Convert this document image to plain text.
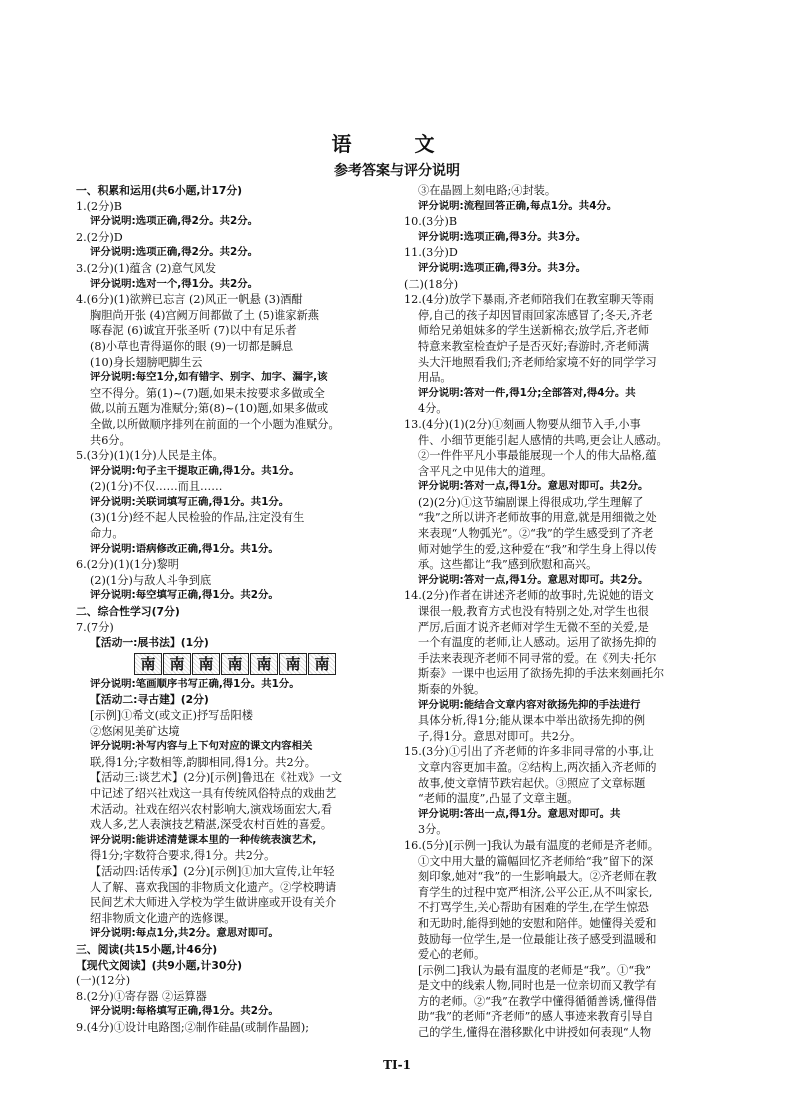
语 文
参考答案与评分说明
一、积累和运用(共6小题,计17分)
1.(2分)B
评分说明:选项正确,得2分。共2分。
2.(2分)D
评分说明:选项正确,得2分。共2分。
3.(2分)(1)蕴含 (2)意气风发
评分说明:选对一个,得1分。共2分。
4.(6分)(1)欲辨已忘言 (2)风正一帆悬 (3)酒酣
胸胆尚开张 (4)宫阙万间都做了土 (5)谁家新燕
啄春泥 (6)诚宜开张圣听 (7)以中有足乐者
(8)小草也青得逼你的眼 (9)一切都是瞬息
(10)身长翅膀吧脚生云
评分说明:每空1分,如有错字、别字、加字、漏字,该
空不得分。第(1)~(7)题,如果未按要求多做或全
做,以前五题为准赋分;第(8)~(10)题,如果多做或
全做,以所做顺序排列在前面的一个小题为准赋分。
共6分。
5.(3分)(1)(1分)人民是主体。
评分说明:句子主干提取正确,得1分。共1分。
(2)(1分)不仅……而且……
评分说明:关联词填写正确,得1分。共1分。
(3)(1分)经不起人民检验的作品,注定没有生
命力。
评分说明:语病修改正确,得1分。共1分。
6.(2分)(1)(1分)黎明
(2)(1分)与敌人斗争到底
评分说明:每空填写正确,得1分。共2分。
二、综合性学习(7分)
7.(7分)
【活动一:展书法】(1分)
南 南 南 南 南 南 南
评分说明:笔画顺序书写正确,得1分。共1分。
【活动二:寻古建】(2分)
[示例]①希文(或文正)抒写岳阳楼
②悠闲见美矿达境
评分说明:补写内容与上下句对应的课文内容相关
联,得1分;字数相等,韵脚相同,得1分。共2分。
【活动三:谈艺术】(2分)[示例]鲁迅在《社戏》一文
中记述了绍兴社戏这一具有传统风俗特点的戏曲艺
术活动。社戏在绍兴农村影响大,演戏场面宏大,看
戏人多,艺人表演技艺精湛,深受农村百姓的喜爱。
评分说明:能讲述清楚课本里的一种传统表演艺术,
得1分;字数符合要求,得1分。共2分。
【活动四:话传承】(2分)[示例]①加大宣传,让年轻
人了解、喜欢我国的非物质文化遗产。②学校聘请
民间艺术大师进入学校为学生做讲座或开设有关介
绍非物质文化遗产的选修课。
评分说明:每点1分,共2分。意思对即可。
三、阅读(共15小题,计46分)
【现代文阅读】(共9小题,计30分)
(一)(12分)
8.(2分)①寄存器 ②运算器
评分说明:每格填写正确,得1分。共2分。
9.(4分)①设计电路图;②制作硅晶(或制作晶圆);
③在晶圆上刻电路;④封装。
评分说明:流程回答正确,每点1分。共4分。
10.(3分)B
评分说明:选项正确,得3分。共3分。
11.(3分)D
评分说明:选项正确,得3分。共3分。
(二)(18分)
12.(4分)放学下暴雨,齐老师陪我们在教室聊天等雨
停,自己的孩子却因冒雨回家冻感冒了;冬天,齐老
师给兄弟姐妹多的学生送新棉衣;放学后,齐老师
特意来教室检查炉子是否灭好;春游时,齐老师满
头大汗地照看我们;齐老师给家境不好的同学学习
用品。
评分说明:答对一件,得1分;全部答对,得4分。共
4分。
13.(4分)(1)(2分)①刻画人物要从细节入手,小事
件、小细节更能引起人感情的共鸣,更会让人感动。
②一件件平凡小事最能展现一个人的伟大品格,蕴
含平凡之中见伟大的道理。
评分说明:答对一点,得1分。意思对即可。共2分。
(2)(2分)①这节编剧课上得很成功,学生理解了
“我”之所以讲齐老师故事的用意,就是用细微之处
来表现“人物弧光”。②“我”的学生感受到了齐老
师对她学生的爱,这种爱在“我”和学生身上得以传
承。这些都让“我”感到欣慰和高兴。
评分说明:答对一点,得1分。意思对即可。共2分。
14.(2分)作者在讲述齐老师的故事时,先说她的语文
课很一般,教育方式也没有特别之处,对学生也很
严厉,后面才说齐老师对学生无微不至的关爱,是
一个有温度的老师,让人感动。运用了欲扬先抑的
手法来表现齐老师不同寻常的爱。在《列夫·托尔
斯泰》一课中也运用了欲扬先抑的手法来刻画托尔
斯泰的外貌。
评分说明:能结合文章内容对欲扬先抑的手法进行
具体分析,得1分;能从课本中举出欲扬先抑的例
子,得1分。意思对即可。共2分。
15.(3分)①引出了齐老师的许多非同寻常的小事,让
文章内容更加丰盈。②结构上,两次插入齐老师的
故事,使文章情节跌宕起伏。③照应了文章标题
“老师的温度”,凸显了文章主题。
评分说明:答出一点,得1分。意思对即可。共
3分。
16.(5分)[示例一]我认为最有温度的老师是齐老师。
①文中用大量的篇幅回忆齐老师给“我”留下的深
刻印象,她对“我”的一生影响最大。②齐老师在教
育学生的过程中宽严相济,公平公正,从不叫家长,
不打骂学生,关心帮助有困难的学生,在学生惊恐
和无助时,能得到她的安慰和陪伴。她懂得关爱和
鼓励每一位学生,是一位最能让孩子感受到温暖和
爱心的老师。
[示例二]我认为最有温度的老师是“我”。①“我”
是文中的线索人物,同时也是一位亲切而又教学有
方的老师。②“我”在教学中懂得循循善诱,懂得借
助“我”的老师“齐老师”的感人事迹来教育引导自
己的学生,懂得在潜移默化中讲授如何表现“人物
TI-1
